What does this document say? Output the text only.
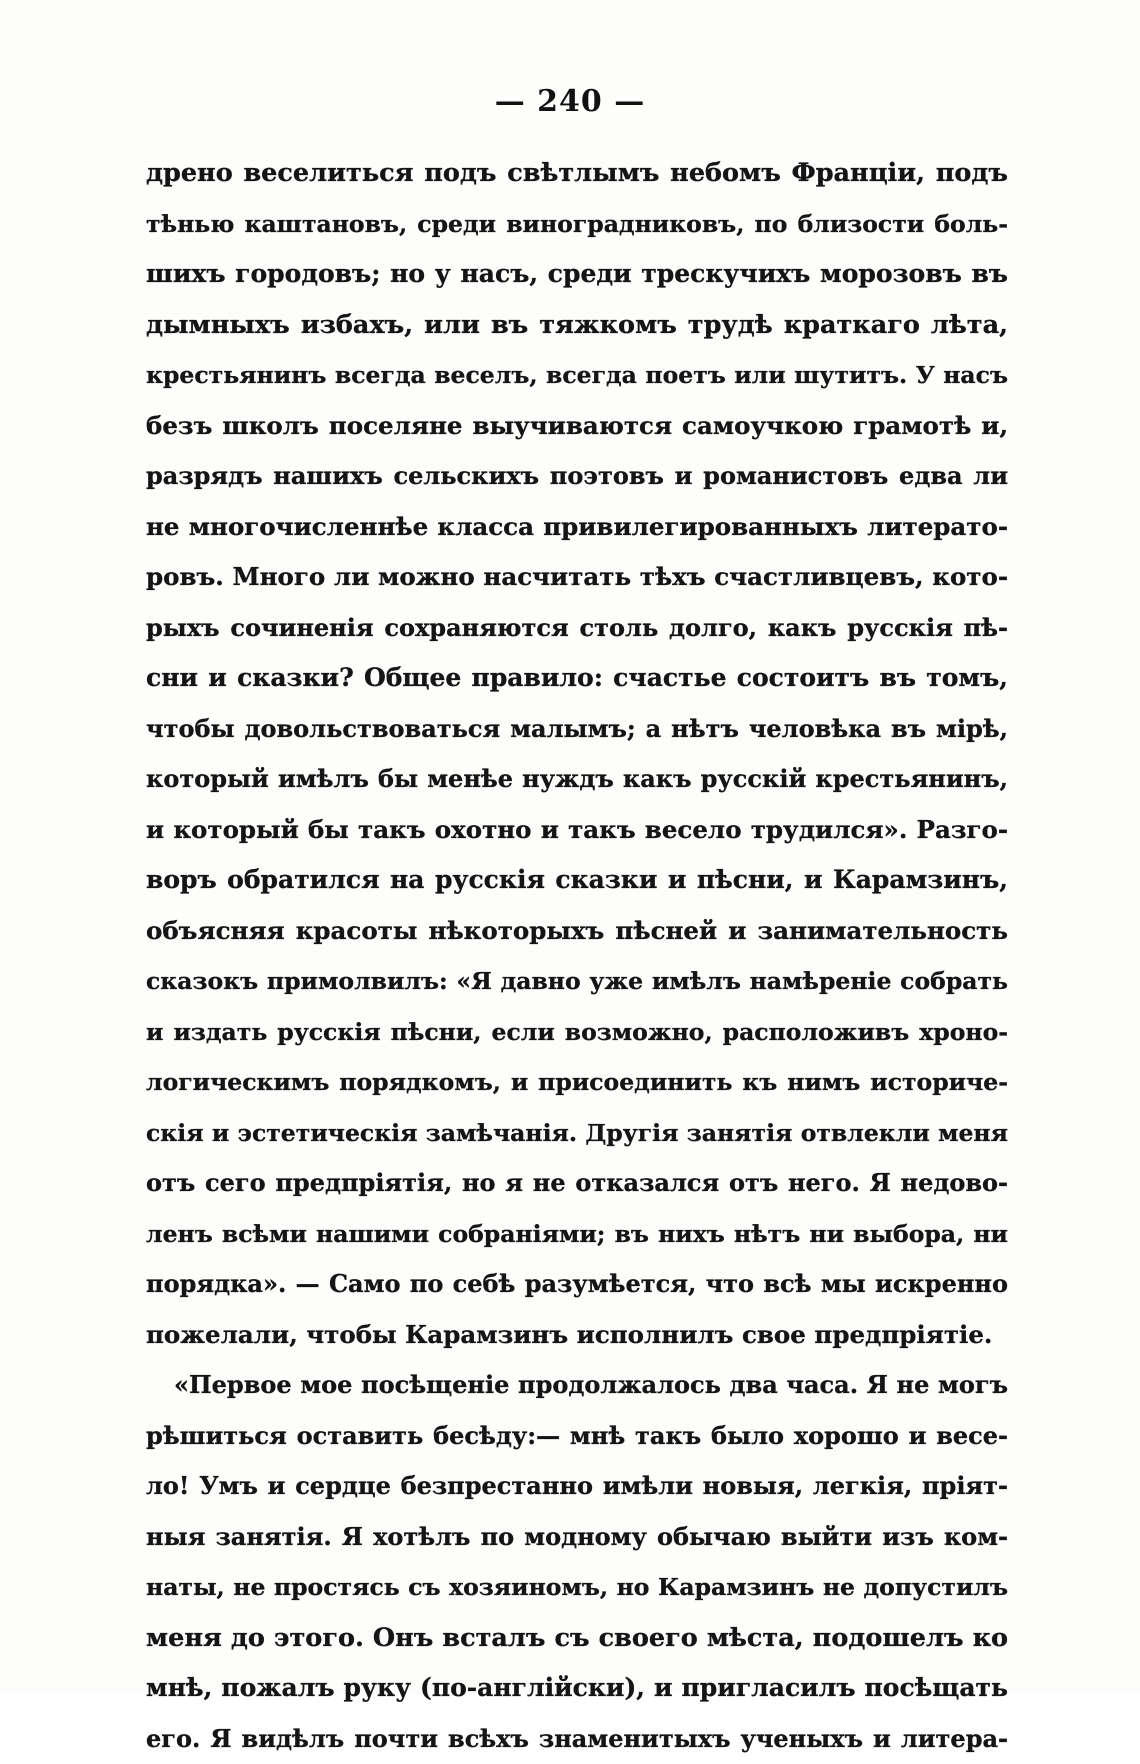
— 240 —
дрено веселиться подъ свѣтлымъ небомъ Франціи, подъ
тѣнью каштановъ, среди виноградниковъ, по близости боль-
шихъ городовъ; но у насъ, среди трескучихъ морозовъ въ
дымныхъ избахъ, или въ тяжкомъ трудѣ краткаго лѣта,
крестьянинъ всегда веселъ, всегда поетъ или шутитъ. У насъ
безъ школъ поселяне выучиваются самоучкою грамотѣ и,
разрядъ нашихъ сельскихъ поэтовъ и романистовъ едва ли
не многочисленнѣе класса привилегированныхъ литерато-
ровъ. Много ли можно насчитать тѣхъ счастливцевъ, кото-
рыхъ сочиненія сохраняются столь долго, какъ русскія пѣ-
сни и сказки? Общее правило: счастье состоитъ въ томъ,
чтобы довольствоваться малымъ; а нѣтъ человѣка въ мірѣ,
который имѣлъ бы менѣе нуждъ какъ русскій крестьянинъ,
и который бы такъ охотно и такъ весело трудился». Разго-
воръ обратился на русскія сказки и пѣсни, и Карамзинъ,
объясняя красоты нѣкоторыхъ пѣсней и занимательность
сказокъ примолвилъ: «Я давно уже имѣлъ намѣреніе собрать
и издать русскія пѣсни, если возможно, расположивъ хроно-
логическимъ порядкомъ, и присоединить къ нимъ историче-
скія и эстетическія замѣчанія. Другія занятія отвлекли меня
отъ сего предпріятія, но я не отказался отъ него. Я недово-
ленъ всѣми нашими собраніями; въ нихъ нѣтъ ни выбора, ни
порядка». — Само по себѣ разумѣется, что всѣ мы искренно
пожелали, чтобы Карамзинъ исполнилъ свое предпріятіе.
«Первое мое посѣщеніе продолжалось два часа. Я не могъ
рѣшиться оставить бесѣду:— мнѣ такъ было хорошо и весе-
ло! Умъ и сердце безпрестанно имѣли новыя, легкія, пріят-
ныя занятія. Я хотѣлъ по модному обычаю выйти изъ ком-
наты, не простясь съ хозяиномъ, но Карамзинъ не допустилъ
меня до этого. Онъ всталъ съ своего мѣста, подошелъ ко
мнѣ, пожалъ руку (по-англійски), и пригласилъ посѣщать
его. Я видѣлъ почти всѣхъ знаменитыхъ ученыхъ и литера-
